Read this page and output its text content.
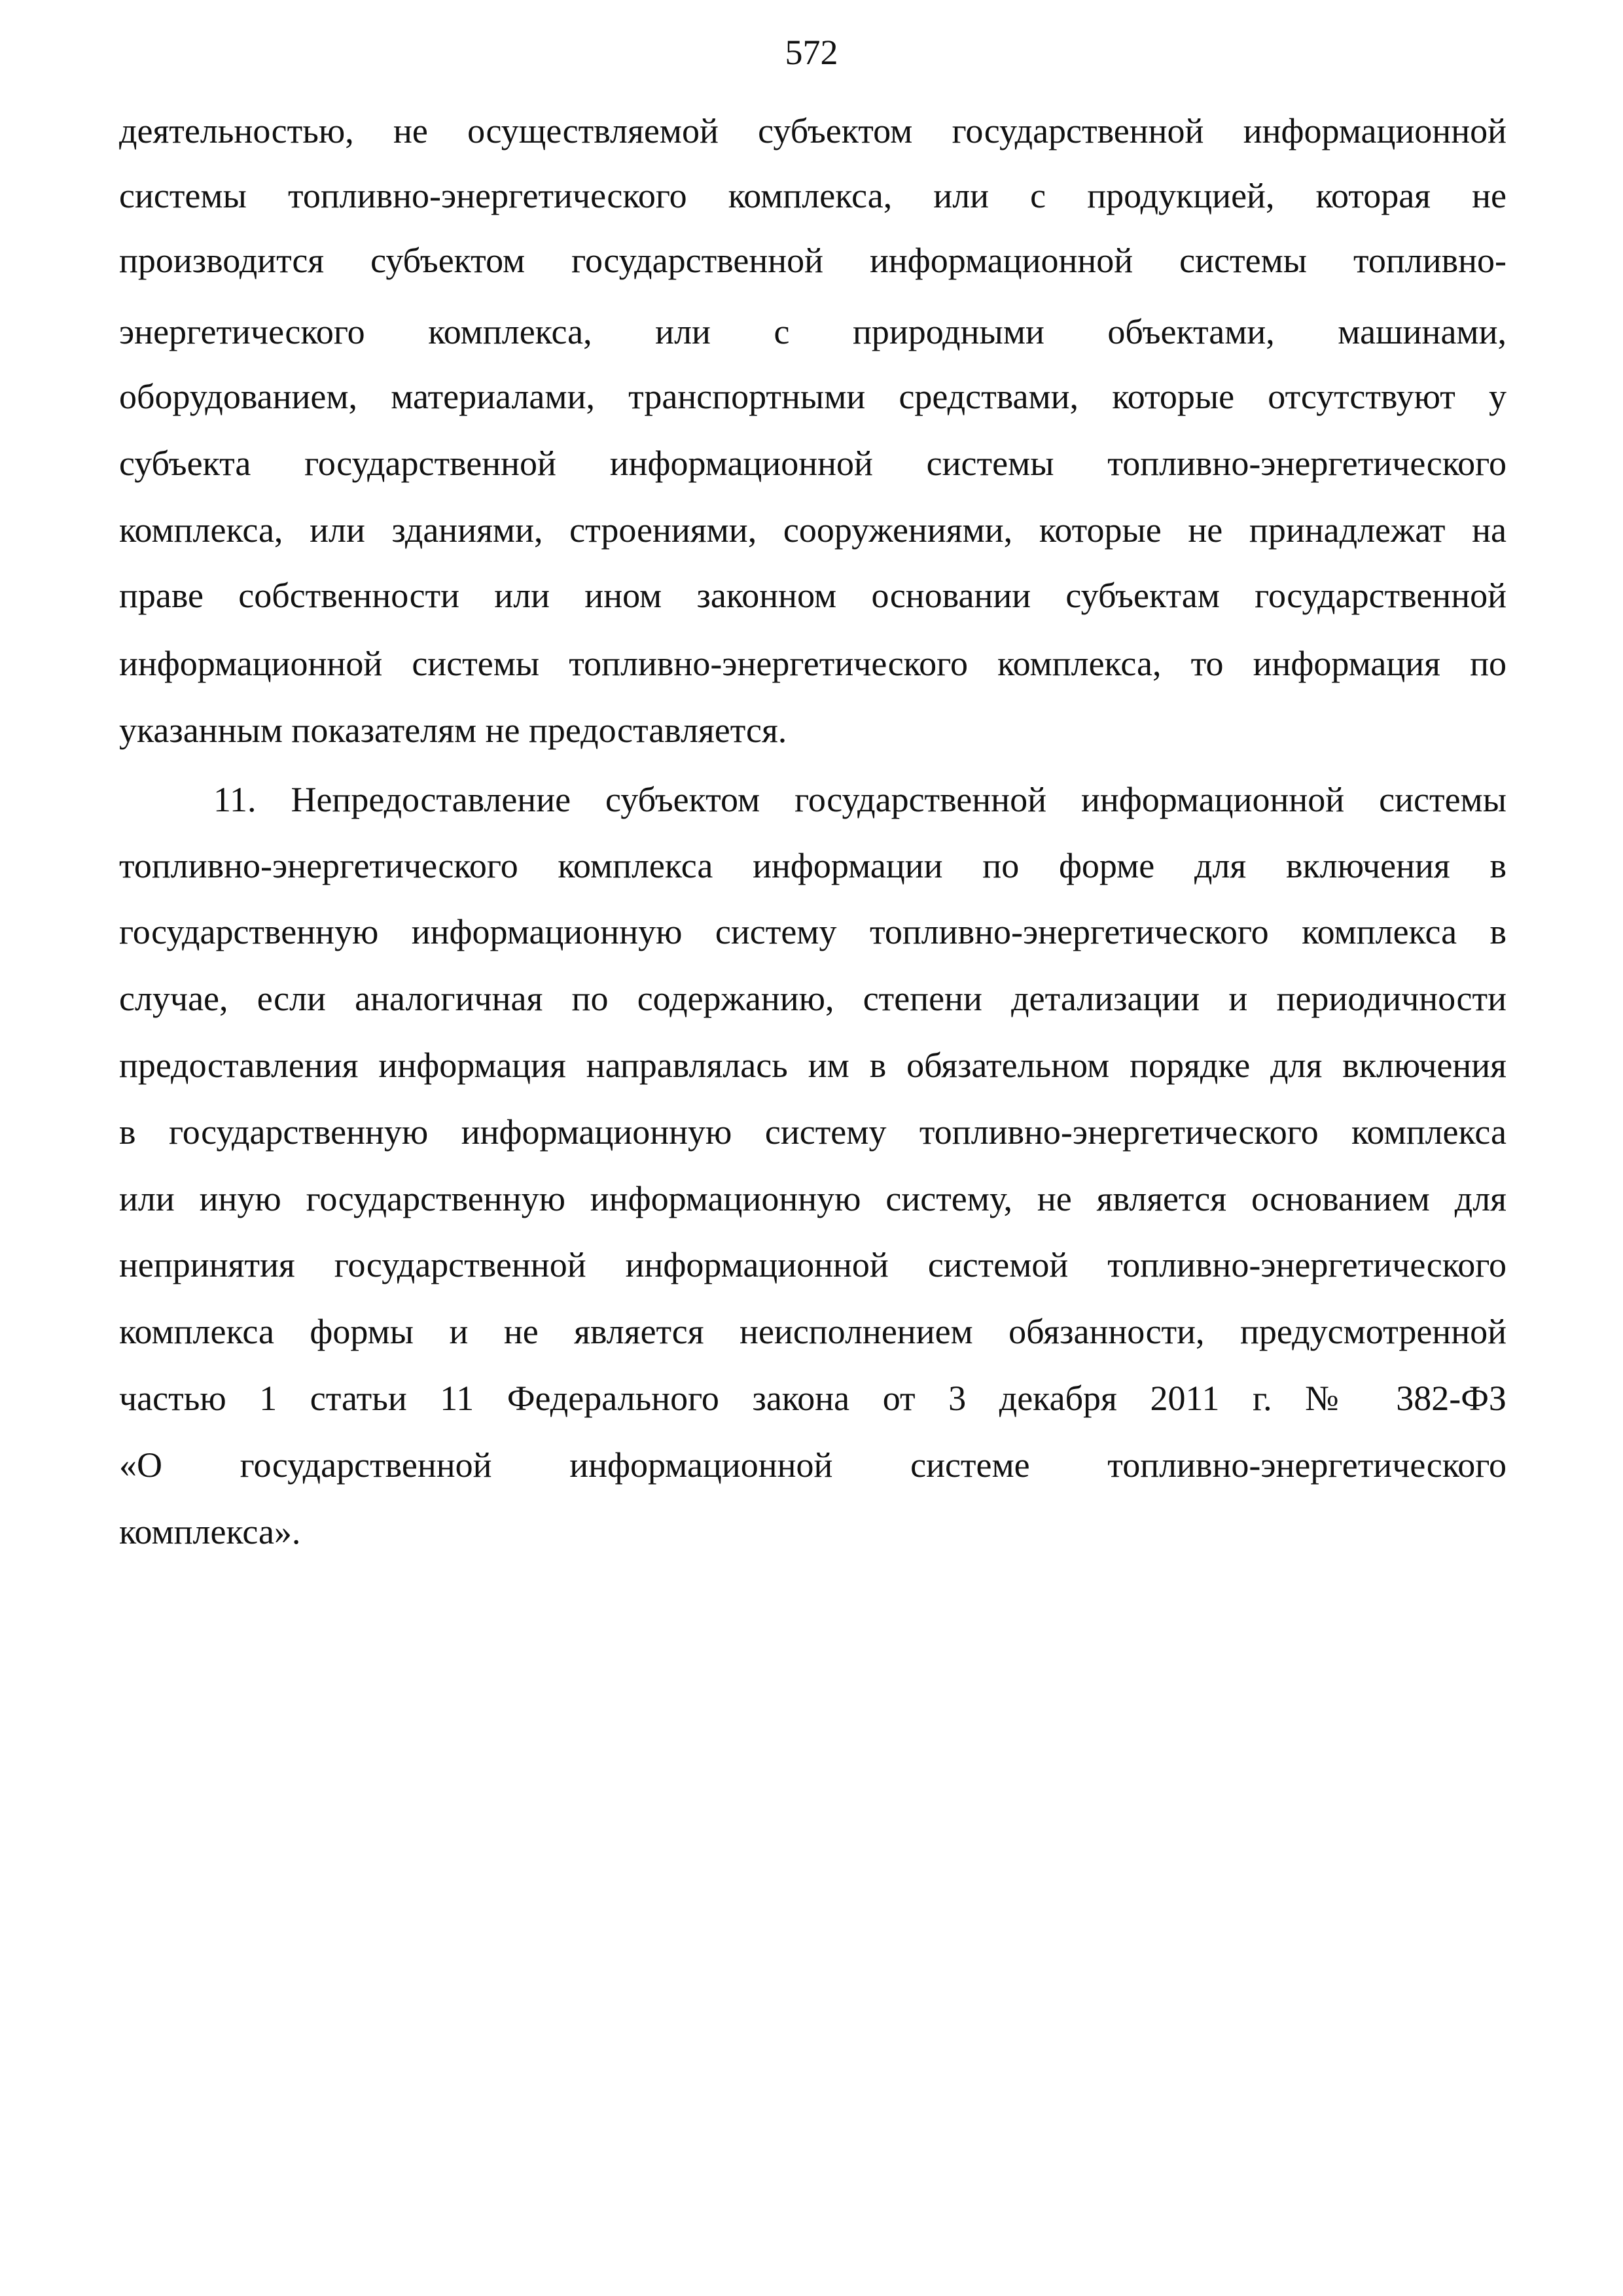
572
деятельностью, не осуществляемой субъектом государственной информационной
системы топливно-энергетического комплекса, или с продукцией, которая не
производится субъектом государственной информационной системы топливно-
энергетического комплекса, или с природными объектами, машинами,
оборудованием, материалами, транспортными средствами, которые отсутствуют у
субъекта государственной информационной системы топливно-энергетического
комплекса, или зданиями, строениями, сооружениями, которые не принадлежат на
праве собственности или ином законном основании субъектам государственной
информационной системы топливно-энергетического комплекса, то информация по
указанным показателям не предоставляется.
11. Непредоставление субъектом государственной информационной системы
топливно-энергетического комплекса информации по форме для включения в
государственную информационную систему топливно-энергетического комплекса в
случае, если аналогичная по содержанию, степени детализации и периодичности
предоставления информация направлялась им в обязательном порядке для включения
в государственную информационную систему топливно-энергетического комплекса
или иную государственную информационную систему, не является основанием для
непринятия государственной информационной системой топливно-энергетического
комплекса формы и не является неисполнением обязанности, предусмотренной
частью 1 статьи 11 Федерального закона от 3 декабря 2011 г. № 382-ФЗ
«О государственной информационной системе топливно-энергетического
комплекса».
